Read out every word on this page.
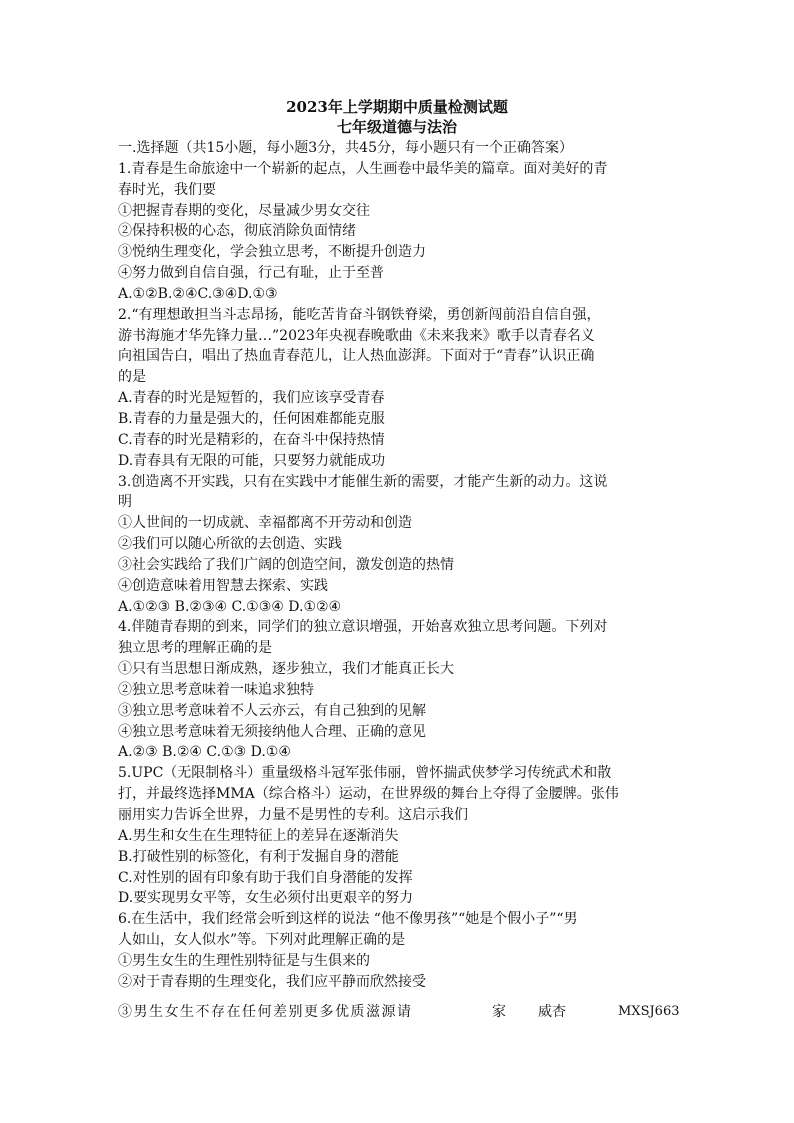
2023年上学期期中质量检测试题
七年级道德与法治
一.选择题（共15小题，每小题3分，共45分，每小题只有一个正确答案）
1.青春是生命旅途中一个崭新的起点，人生画卷中最华美的篇章。面对美好的青
春时光，我们要
①把握青春期的变化，尽量减少男女交往
②保持积极的心态，彻底消除负面情绪
③悦纳生理变化，学会独立思考，不断提升创造力
④努力做到自信自强，行己有耻，止于至普
A.①②B.②④C.③④D.①③
2.“有理想敢担当斗志昂扬，能吃苦肯奋斗钢铁脊梁，勇创新闯前沿自信自强，
游书海施才华先锋力量…”2023年央视春晚歌曲《未来我来》歌手以青春名义
向祖国告白，唱出了热血青春范儿，让人热血澎湃。下面对于“青春”认识正确
的是
A.青春的时光是短暂的，我们应该享受青春
B.青春的力量是强大的，任何困难都能克服
C.青春的时光是精彩的，在奋斗中保持热情
D.青春具有无限的可能，只要努力就能成功
3.创造离不开实践，只有在实践中才能催生新的需要，才能产生新的动力。这说
明
①人世间的一切成就、幸福都离不开劳动和创造
②我们可以随心所欲的去创造、实践
③社会实践给了我们广阔的创造空间，激发创造的热情
④创造意味着用智慧去探索、实践
A.①②③ B.②③④ C.①③④ D.①②④
4.伴随青春期的到来，同学们的独立意识增强，开始喜欢独立思考问题。下列对
独立思考的理解正确的是
①只有当思想日渐成熟，逐步独立，我们才能真正长大
②独立思考意味着一味追求独特
③独立思考意味着不人云亦云，有自己独到的见解
④独立思考意味着无须接纳他人合理、正确的意见
A.②③ B.②④ C.①③ D.①④
5.UPC（无限制格斗）重量级格斗冠军张伟丽，曾怀揣武侠梦学习传统武术和散
打，并最终选择MMA（综合格斗）运动，在世界级的舞台上夺得了金腰牌。张伟
丽用实力告诉全世界，力量不是男性的专利。这启示我们
A.男生和女生在生理特征上的差异在逐渐消失
B.打破性别的标签化，有利于发掘自身的潜能
C.对性别的固有印象有助于我们自身潜能的发挥
D.要实现男女平等，女生必须付出更艰辛的努力
6.在生活中，我们经常会听到这样的说法 “他不像男孩”“她是个假小子”“男
人如山，女人似水”等。下列对此理解正确的是
①男生女生的生理性别特征是与生俱来的
②对于青春期的生理变化，我们应平静而欣然接受
③男生女生不存在任何差别更多优质滋源请	家 威杏	MXSJ663
